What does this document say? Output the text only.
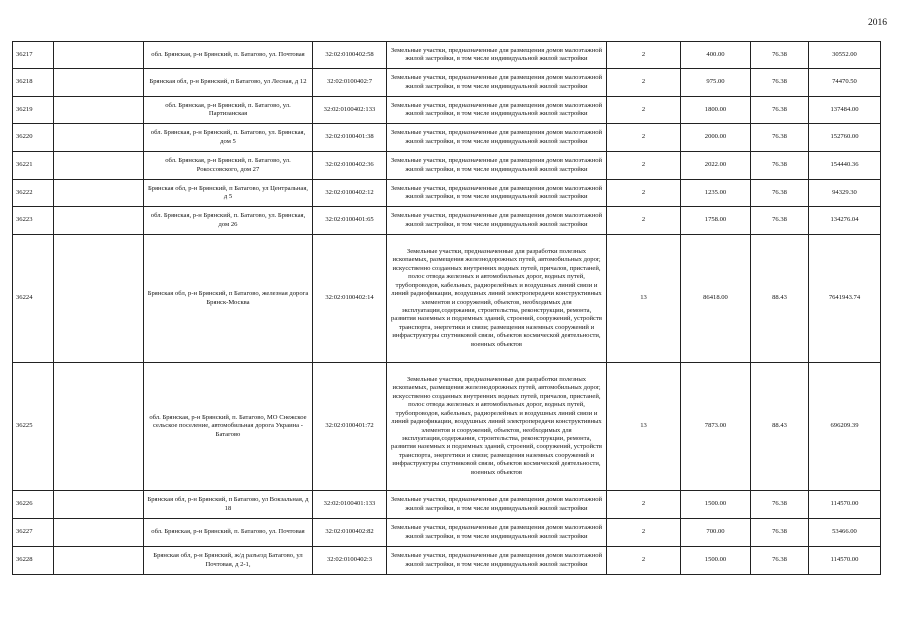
2016
36217		обл. Брянская, р-н Брянский, п. Батагово, ул. Почтовая	32:02:0100402:58	Земельные участки, предназначенные для размещения домов малоэтажной жилой застройки, в том числе индивидуальной жилой застройки	2	400.00	76.38	30552.00
36218		Брянская обл, р-н Брянский, п Батагово, ул Лесная, д 12	32:02:0100402:7	Земельные участки, предназначенные для размещения домов малоэтажной жилой застройки, в том числе индивидуальной жилой застройки	2	975.00	76.38	74470.50
36219		обл. Брянская, р-н Брянский, п. Батагово, ул. Партизанская	32:02:0100402:133	Земельные участки, предназначенные для размещения домов малоэтажной жилой застройки, в том числе индивидуальной жилой застройки	2	1800.00	76.38	137484.00
36220		обл. Брянская, р-н Брянский, п. Батагово, ул. Брянская, дом 5	32:02:0100401:38	Земельные участки, предназначенные для размещения домов малоэтажной жилой застройки, в том числе индивидуальной жилой застройки	2	2000.00	76.38	152760.00
36221		обл. Брянская, р-н Брянский, п. Батагово, ул. Рокоссовского, дом 27	32:02:0100402:36	Земельные участки, предназначенные для размещения домов малоэтажной жилой застройки, в том числе индивидуальной жилой застройки	2	2022.00	76.38	154440.36
36222		Брянская обл, р-н Брянский, п Батагово, ул Центральная, д 5	32:02:0100402:12	Земельные участки, предназначенные для размещения домов малоэтажной жилой застройки, в том числе индивидуальной жилой застройки	2	1235.00	76.38	94329.30
36223		обл. Брянская, р-н Брянский, п. Батагово, ул. Брянская, дом 26	32:02:0100401:65	Земельные участки, предназначенные для размещения домов малоэтажной жилой застройки, в том числе индивидуальной жилой застройки	2	1758.00	76.38	134276.04
36224		Брянская обл, р-н Брянский, п Батагово, железная дорога Брянск-Москва	32:02:0100402:14	Земельные участки, предназначенные для разработки полезных ископаемых, размещения железнодорожных путей, автомобильных дорог, искусственно созданных внутренних водных путей, причалов, пристаней, полос отвода железных и автомобильных дорог, водных путей, трубопроводов, кабельных, радиорелейных и воздушных линий связи и линий радиофикации, воздушных линий электропередачи конструктивных элементов и сооружений, объектов, необходимых для эксплуатации,содержания, строительства, реконструкции, ремонта, развития наземных и подземных зданий, строений, сооружений, устройств транспорта, энергетики и связи; размещения наземных сооружений и инфраструктуры спутниковой связи, объектов космической деятельности, военных объектов	13	86418.00	88.43	7641943.74
36225		обл. Брянская, р-н Брянский, п. Батагово, МО Снежское сельское поселение, автомобильная дорога Украина - Батагово	32:02:0100401:72	Земельные участки, предназначенные для разработки полезных ископаемых, размещения железнодорожных путей, автомобильных дорог, искусственно созданных внутренних водных путей, причалов, пристаней, полос отвода железных и автомобильных дорог, водных путей, трубопроводов, кабельных, радиорелейных и воздушных линий связи и линий радиофикации, воздушных линий электропередачи конструктивных элементов и сооружений, объектов, необходимых для эксплуатации,содержания, строительства, реконструкции, ремонта, развития наземных и подземных зданий, строений, сооружений, устройств транспорта, энергетики и связи; размещения наземных сооружений и инфраструктуры спутниковой связи, объектов космической деятельности, военных объектов	13	7873.00	88.43	696209.39
36226		Брянская обл, р-н Брянский, п Батагово, ул Вокзальная, д 18	32:02:0100401:133	Земельные участки, предназначенные для размещения домов малоэтажной жилой застройки, в том числе индивидуальной жилой застройки	2	1500.00	76.38	114570.00
36227		обл. Брянская, р-н Брянский, п. Батагово, ул. Почтовая	32:02:0100402:82	Земельные участки, предназначенные для размещения домов малоэтажной жилой застройки, в том числе индивидуальной жилой застройки	2	700.00	76.38	53466.00
36228		Брянская обл, р-н Брянский, ж/д разъезд Батагово, ул Почтовая, д 2-1,	32:02:0100402:3	Земельные участки, предназначенные для размещения домов малоэтажной жилой застройки, в том числе индивидуальной жилой застройки	2	1500.00	76.38	114570.00
